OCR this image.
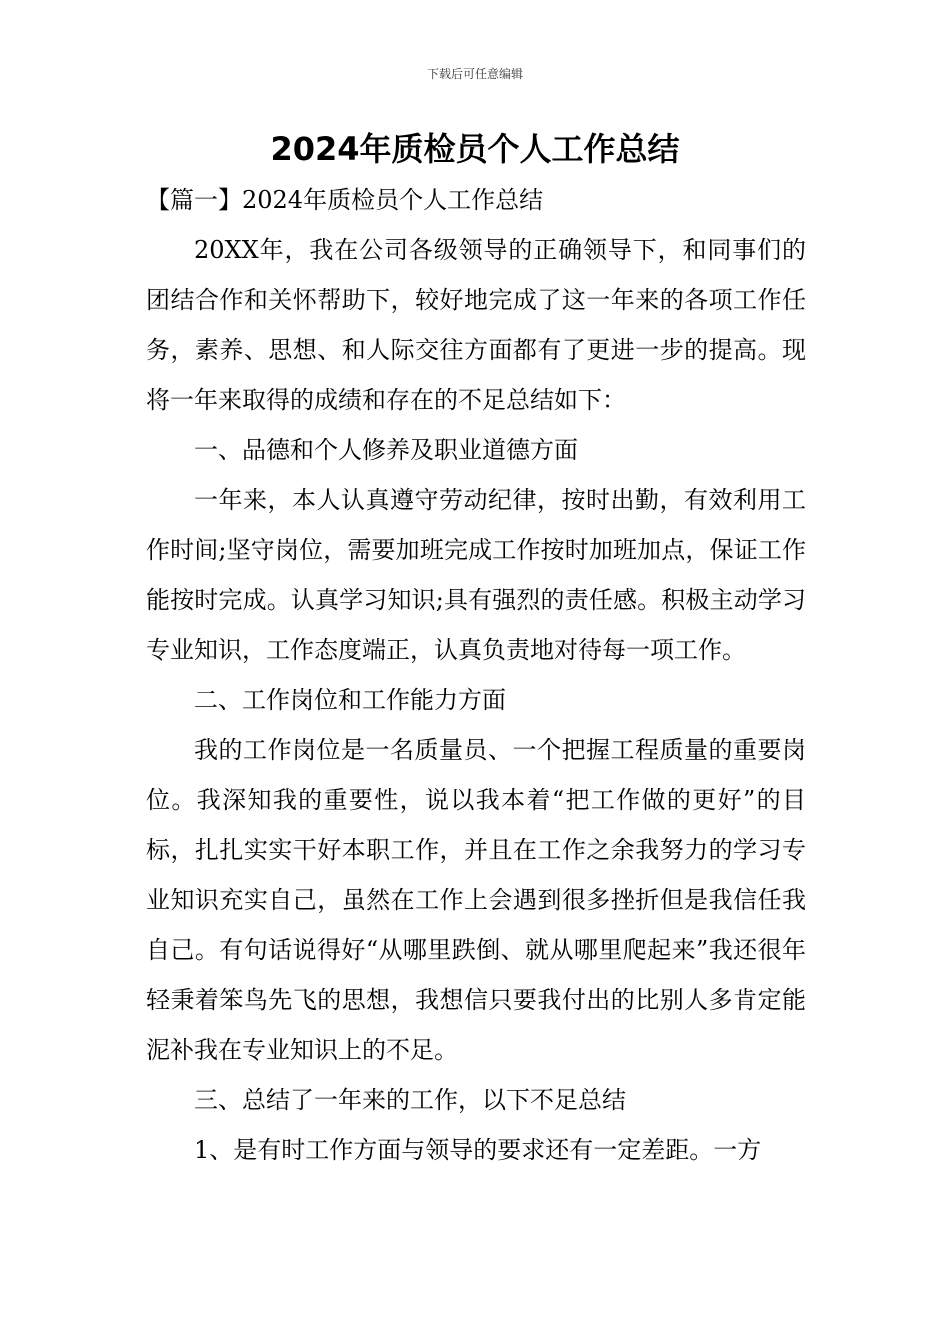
下载后可任意编辑
2024年质检员个人工作总结

【篇一】2024年质检员个人工作总结

20XX年，我在公司各级领导的正确领导下，和同事们的团结合作和关怀帮助下，较好地完成了这一年来的各项工作任务，素养、思想、和人际交往方面都有了更进一步的提高。现将一年来取得的成绩和存在的不足总结如下：

一、品德和个人修养及职业道德方面

一年来，本人认真遵守劳动纪律，按时出勤，有效利用工作时间;坚守岗位，需要加班完成工作按时加班加点，保证工作能按时完成。认真学习知识;具有强烈的责任感。积极主动学习专业知识，工作态度端正，认真负责地对待每一项工作。

二、工作岗位和工作能力方面

我的工作岗位是一名质量员、一个把握工程质量的重要岗位。我深知我的重要性，说以我本着“把工作做的更好”的目标，扎扎实实干好本职工作，并且在工作之余我努力的学习专业知识充实自己，虽然在工作上会遇到很多挫折但是我信任我自己。有句话说得好“从哪里跌倒、就从哪里爬起来”我还很年轻秉着笨鸟先飞的思想，我想信只要我付出的比别人多肯定能泥补我在专业知识上的不足。

三、总结了一年来的工作，以下不足总结

1、是有时工作方面与领导的要求还有一定差距。一方
